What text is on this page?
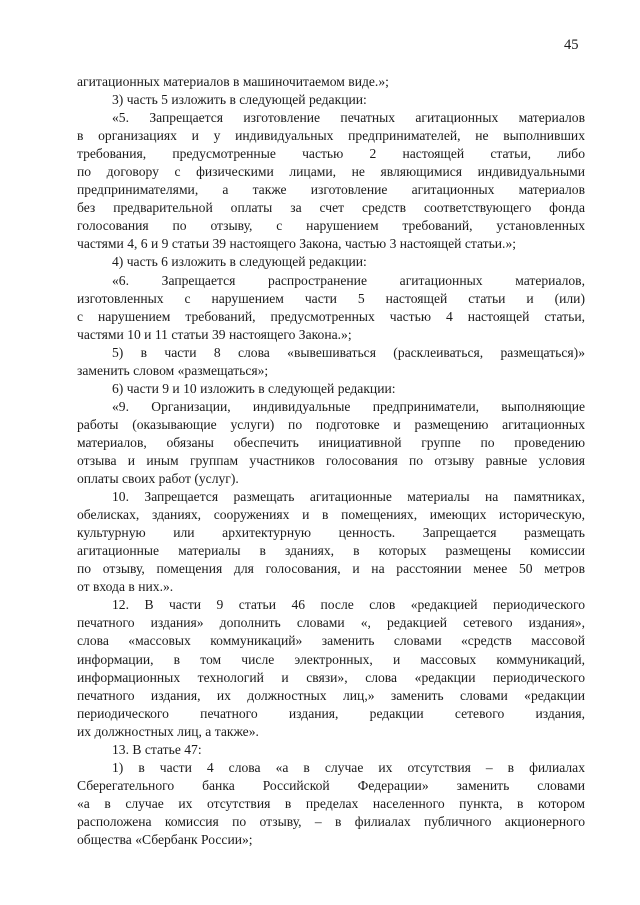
45
агитационных материалов в машиночитаемом виде.»;
3) часть 5 изложить в следующей редакции:
«5. Запрещается изготовление печатных агитационных материалов
в организациях и у индивидуальных предпринимателей, не выполнивших
требования, предусмотренные частью 2 настоящей статьи, либо
по договору с физическими лицами, не являющимися индивидуальными
предпринимателями, а также изготовление агитационных материалов
без предварительной оплаты за счет средств соответствующего фонда
голосования по отзыву, с нарушением требований, установленных
частями 4, 6 и 9 статьи 39 настоящего Закона, частью 3 настоящей статьи.»;
4) часть 6 изложить в следующей редакции:
«6. Запрещается распространение агитационных материалов,
изготовленных с нарушением части 5 настоящей статьи и (или)
с нарушением требований, предусмотренных частью 4 настоящей статьи,
частями 10 и 11 статьи 39 настоящего Закона.»;
5) в части 8 слова «вывешиваться (расклеиваться, размещаться)»
заменить словом «размещаться»;
6) части 9 и 10 изложить в следующей редакции:
«9. Организации, индивидуальные предприниматели, выполняющие
работы (оказывающие услуги) по подготовке и размещению агитационных
материалов, обязаны обеспечить инициативной группе по проведению
отзыва и иным группам участников голосования по отзыву равные условия
оплаты своих работ (услуг).
10. Запрещается размещать агитационные материалы на памятниках,
обелисках, зданиях, сооружениях и в помещениях, имеющих историческую,
культурную или архитектурную ценность. Запрещается размещать
агитационные материалы в зданиях, в которых размещены комиссии
по отзыву, помещения для голосования, и на расстоянии менее 50 метров
от входа в них.».
12. В части 9 статьи 46 после слов «редакцией периодического
печатного издания» дополнить словами «, редакцией сетевого издания»,
слова «массовых коммуникаций» заменить словами «средств массовой
информации, в том числе электронных, и массовых коммуникаций,
информационных технологий и связи», слова «редакции периодического
печатного издания, их должностных лиц,» заменить словами «редакции
периодического печатного издания, редакции сетевого издания,
их должностных лиц, а также».
13. В статье 47:
1) в части 4 слова «а в случае их отсутствия – в филиалах
Сберегательного банка Российской Федерации» заменить словами
«а в случае их отсутствия в пределах населенного пункта, в котором
расположена комиссия по отзыву, – в филиалах публичного акционерного
общества «Сбербанк России»;
